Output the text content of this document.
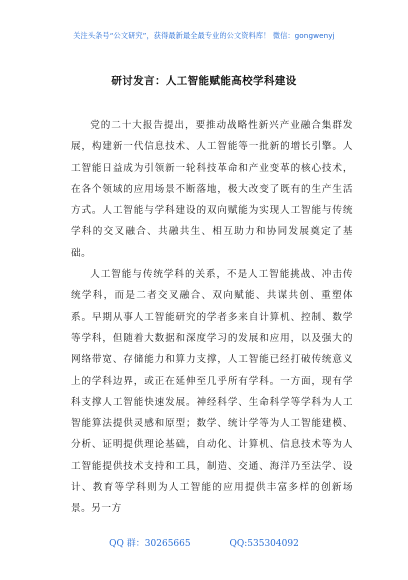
关注头条号“公文研究”，获得最新最全最专业的公文资料库！ 微信：gongwenyj
研讨发言：人工智能赋能高校学科建设

党的二十大报告提出，要推动战略性新兴产业融合集群发展，构建新一代信息技术、人工智能等一批新的增长引擎。人工智能日益成为引领新一轮科技革命和产业变革的核心技术，在各个领域的应用场景不断落地，极大改变了既有的生产生活方式。人工智能与学科建设的双向赋能为实现人工智能与传统学科的交叉融合、共融共生、相互助力和协同发展奠定了基础。

人工智能与传统学科的关系，不是人工智能挑战、冲击传统学科，而是二者交叉融合、双向赋能、共谋共创、重塑体系。早期从事人工智能研究的学者多来自计算机、控制、数学等学科，但随着大数据和深度学习的发展和应用，以及强大的网络带宽、存储能力和算力支撑，人工智能已经打破传统意义上的学科边界，或正在延伸至几乎所有学科。一方面，现有学科支撑人工智能快速发展。神经科学、生命科学等学科为人工智能算法提供灵感和原型；数学、统计学等为人工智能建模、分析、证明提供理论基础，自动化、计算机、信息技术等为人工智能提供技术支持和工具，制造、交通、海洋乃至法学、设计、教育等学科则为人工智能的应用提供丰富多样的创新场景。另一方

QQ 群：30265665	QQ:535304092
